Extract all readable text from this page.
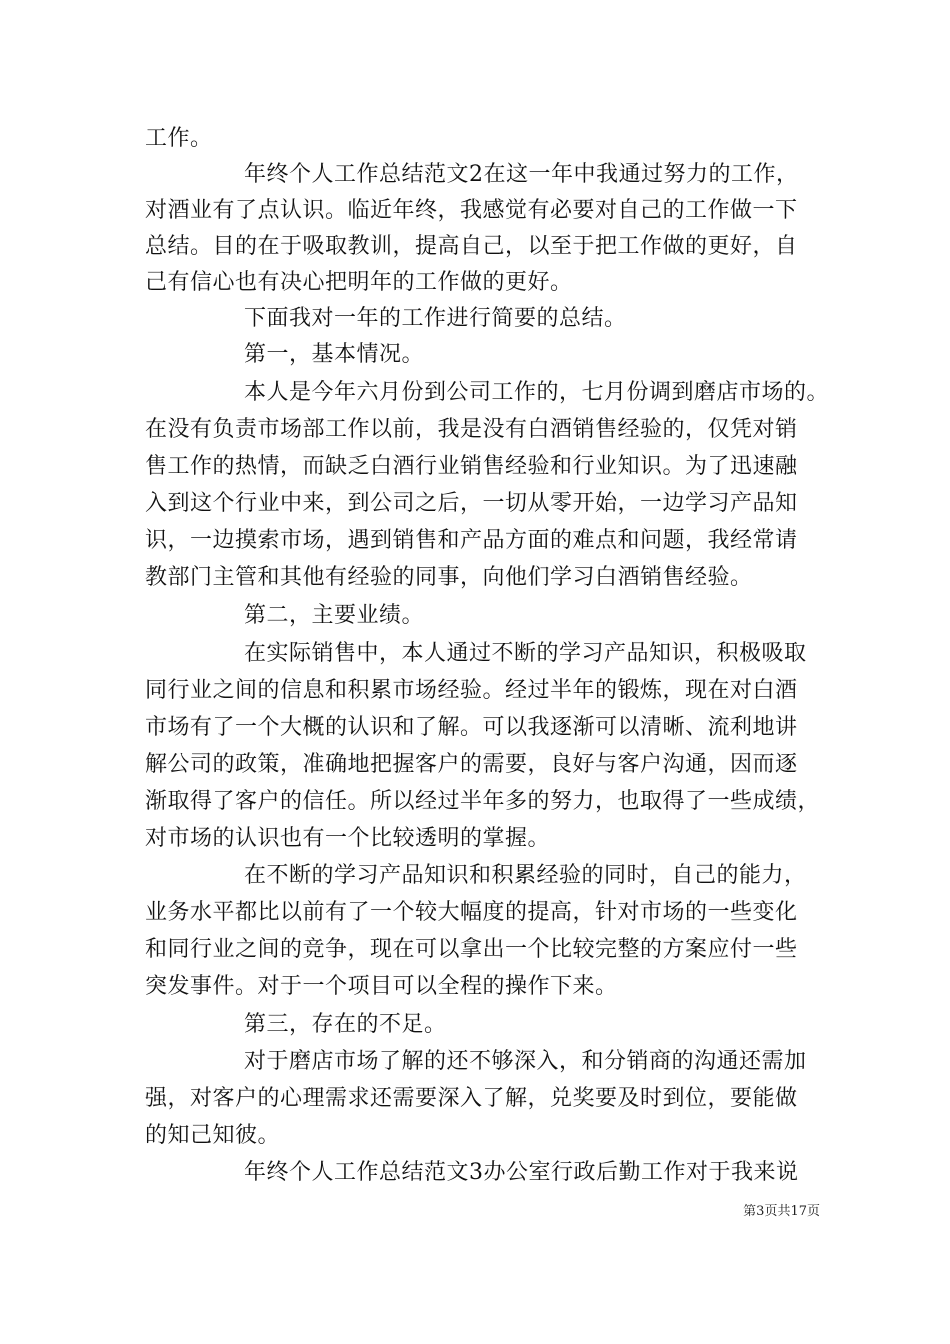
工作。
年终个人工作总结范文2在这一年中我通过努力的工作，
对酒业有了点认识。临近年终，我感觉有必要对自己的工作做一下
总结。目的在于吸取教训，提高自己，以至于把工作做的更好，自
己有信心也有决心把明年的工作做的更好。
下面我对一年的工作进行简要的总结。
第一，基本情况。
本人是今年六月份到公司工作的，七月份调到磨店市场的。
在没有负责市场部工作以前，我是没有白酒销售经验的，仅凭对销
售工作的热情，而缺乏白酒行业销售经验和行业知识。为了迅速融
入到这个行业中来，到公司之后，一切从零开始，一边学习产品知
识，一边摸索市场，遇到销售和产品方面的难点和问题，我经常请
教部门主管和其他有经验的同事，向他们学习白酒销售经验。
第二，主要业绩。
在实际销售中，本人通过不断的学习产品知识，积极吸取
同行业之间的信息和积累市场经验。经过半年的锻炼，现在对白酒
市场有了一个大概的认识和了解。可以我逐渐可以清晰、流利地讲
解公司的政策，准确地把握客户的需要，良好与客户沟通，因而逐
渐取得了客户的信任。所以经过半年多的努力，也取得了一些成绩，
对市场的认识也有一个比较透明的掌握。
在不断的学习产品知识和积累经验的同时，自己的能力，
业务水平都比以前有了一个较大幅度的提高，针对市场的一些变化
和同行业之间的竞争，现在可以拿出一个比较完整的方案应付一些
突发事件。对于一个项目可以全程的操作下来。
第三，存在的不足。
对于磨店市场了解的还不够深入，和分销商的沟通还需加
强，对客户的心理需求还需要深入了解，兑奖要及时到位，要能做
的知己知彼。
年终个人工作总结范文3办公室行政后勤工作对于我来说
第3页共17页
